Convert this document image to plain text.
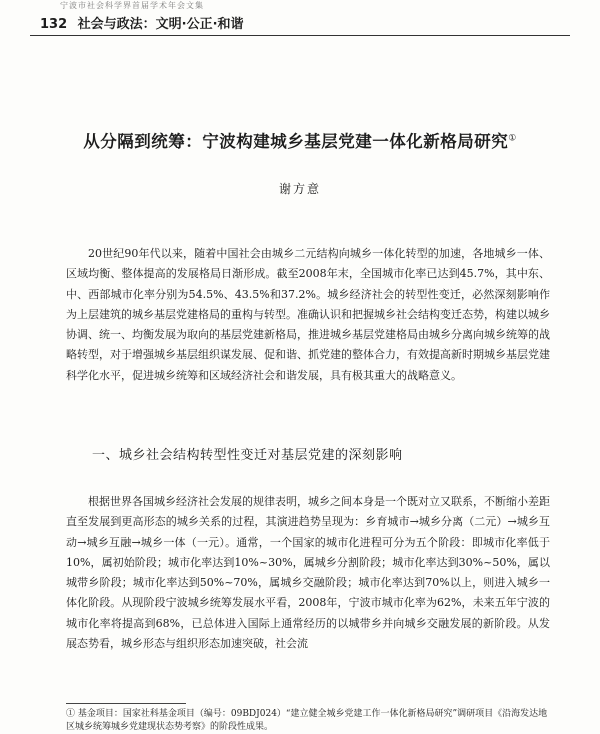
宁波市社会科学界首届学术年会文集
132 社会与政法：文明·公正·和谐
从分隔到统筹：宁波构建城乡基层党建一体化新格局研究①
谢方意

20世纪90年代以来，随着中国社会由城乡二元结构向城乡一体化转型的加速，各地城乡一体、区域均衡、整体提高的发展格局日渐形成。截至2008年末，全国城市化率已达到45.7%，其中东、中、西部城市化率分别为54.5%、43.5%和37.2%。城乡经济社会的转型性变迁，必然深刻影响作为上层建筑的城乡基层党建格局的重构与转型。准确认识和把握城乡社会结构变迁态势，构建以城乡协调、统一、均衡发展为取向的基层党建新格局，推进城乡基层党建格局由城乡分离向城乡统筹的战略转型，对于增强城乡基层组织谋发展、促和谐、抓党建的整体合力，有效提高新时期城乡基层党建科学化水平，促进城乡统筹和区域经济社会和谐发展，具有极其重大的战略意义。

一、城乡社会结构转型性变迁对基层党建的深刻影响

根据世界各国城乡经济社会发展的规律表明，城乡之间本身是一个既对立又联系，不断缩小差距直至发展到更高形态的城乡关系的过程，其演进趋势呈现为：乡育城市→城乡分离（二元）→城乡互动→城乡互融→城乡一体（一元）。通常，一个国家的城市化进程可分为五个阶段：即城市化率低于10%，属初始阶段；城市化率达到10%~30%，属城乡分割阶段；城市化率达到30%~50%，属以城带乡阶段；城市化率达到50%~70%，属城乡交融阶段；城市化率达到70%以上，则进入城乡一体化阶段。从现阶段宁波城乡统筹发展水平看，2008年，宁波市城市化率为62%，未来五年宁波的城市化率将提高到68%，已总体进入国际上通常经历的以城带乡并向城乡交融发展的新阶段。从发展态势看，城乡形态与组织形态加速突破，社会流

① 基金项目：国家社科基金项目（编号：09BDJ024）“建立健全城乡党建工作一体化新格局研究”调研项目《沿海发达地区城乡统筹城乡党建现状态势考察》的阶段性成果。
